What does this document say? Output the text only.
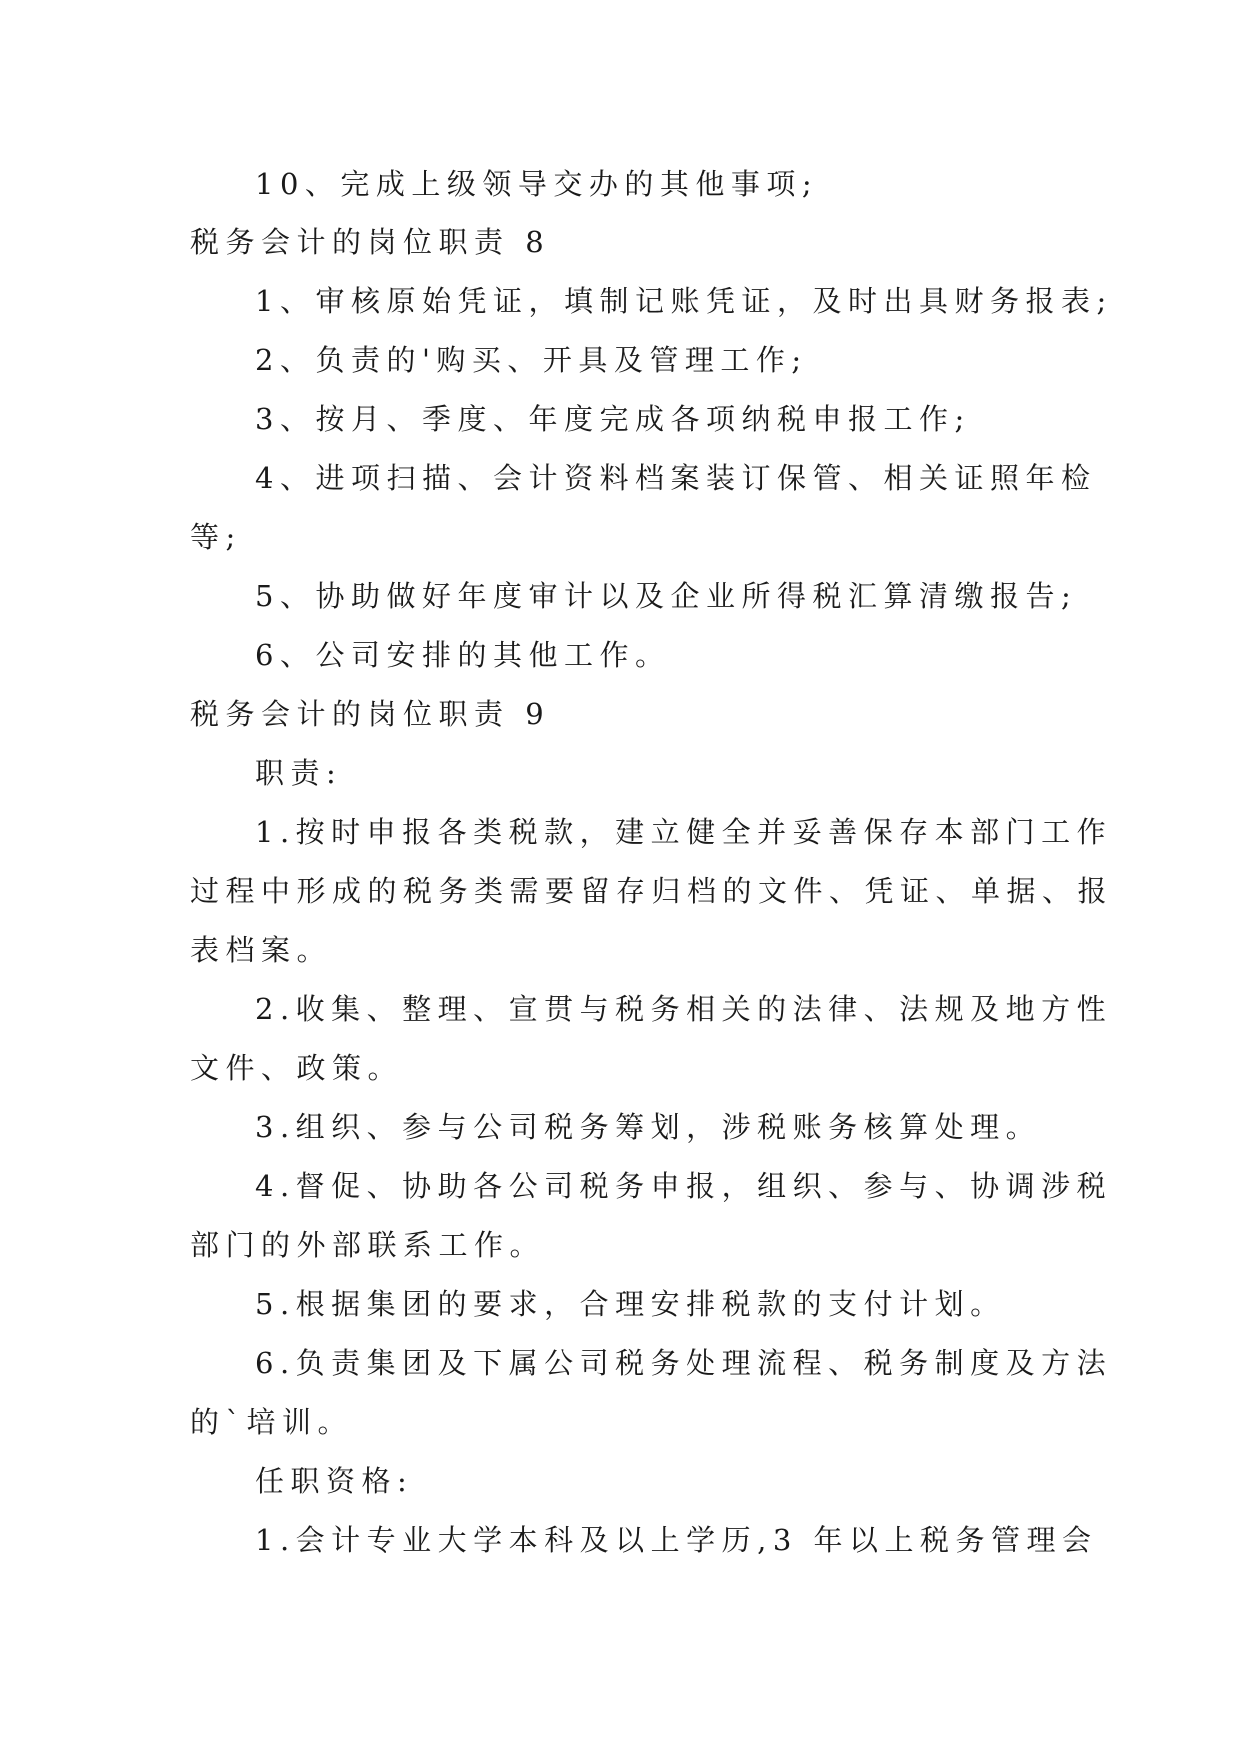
10、完成上级领导交办的其他事项;
税务会计的岗位职责 8
1、审核原始凭证，填制记账凭证，及时出具财务报表;
2、负责的'购买、开具及管理工作;
3、按月、季度、年度完成各项纳税申报工作;
4、进项扫描、会计资料档案装订保管、相关证照年检
等;
5、协助做好年度审计以及企业所得税汇算清缴报告;
6、公司安排的其他工作。
税务会计的岗位职责 9
职责:
1.按时申报各类税款，建立健全并妥善保存本部门工作
过程中形成的税务类需要留存归档的文件、凭证、单据、报
表档案。
2.收集、整理、宣贯与税务相关的法律、法规及地方性
文件、政策。
3.组织、参与公司税务筹划，涉税账务核算处理。
4.督促、协助各公司税务申报，组织、参与、协调涉税
部门的外部联系工作。
5.根据集团的要求，合理安排税款的支付计划。
6.负责集团及下属公司税务处理流程、税务制度及方法
的`培训。
任职资格:
1.会计专业大学本科及以上学历,3 年以上税务管理会
